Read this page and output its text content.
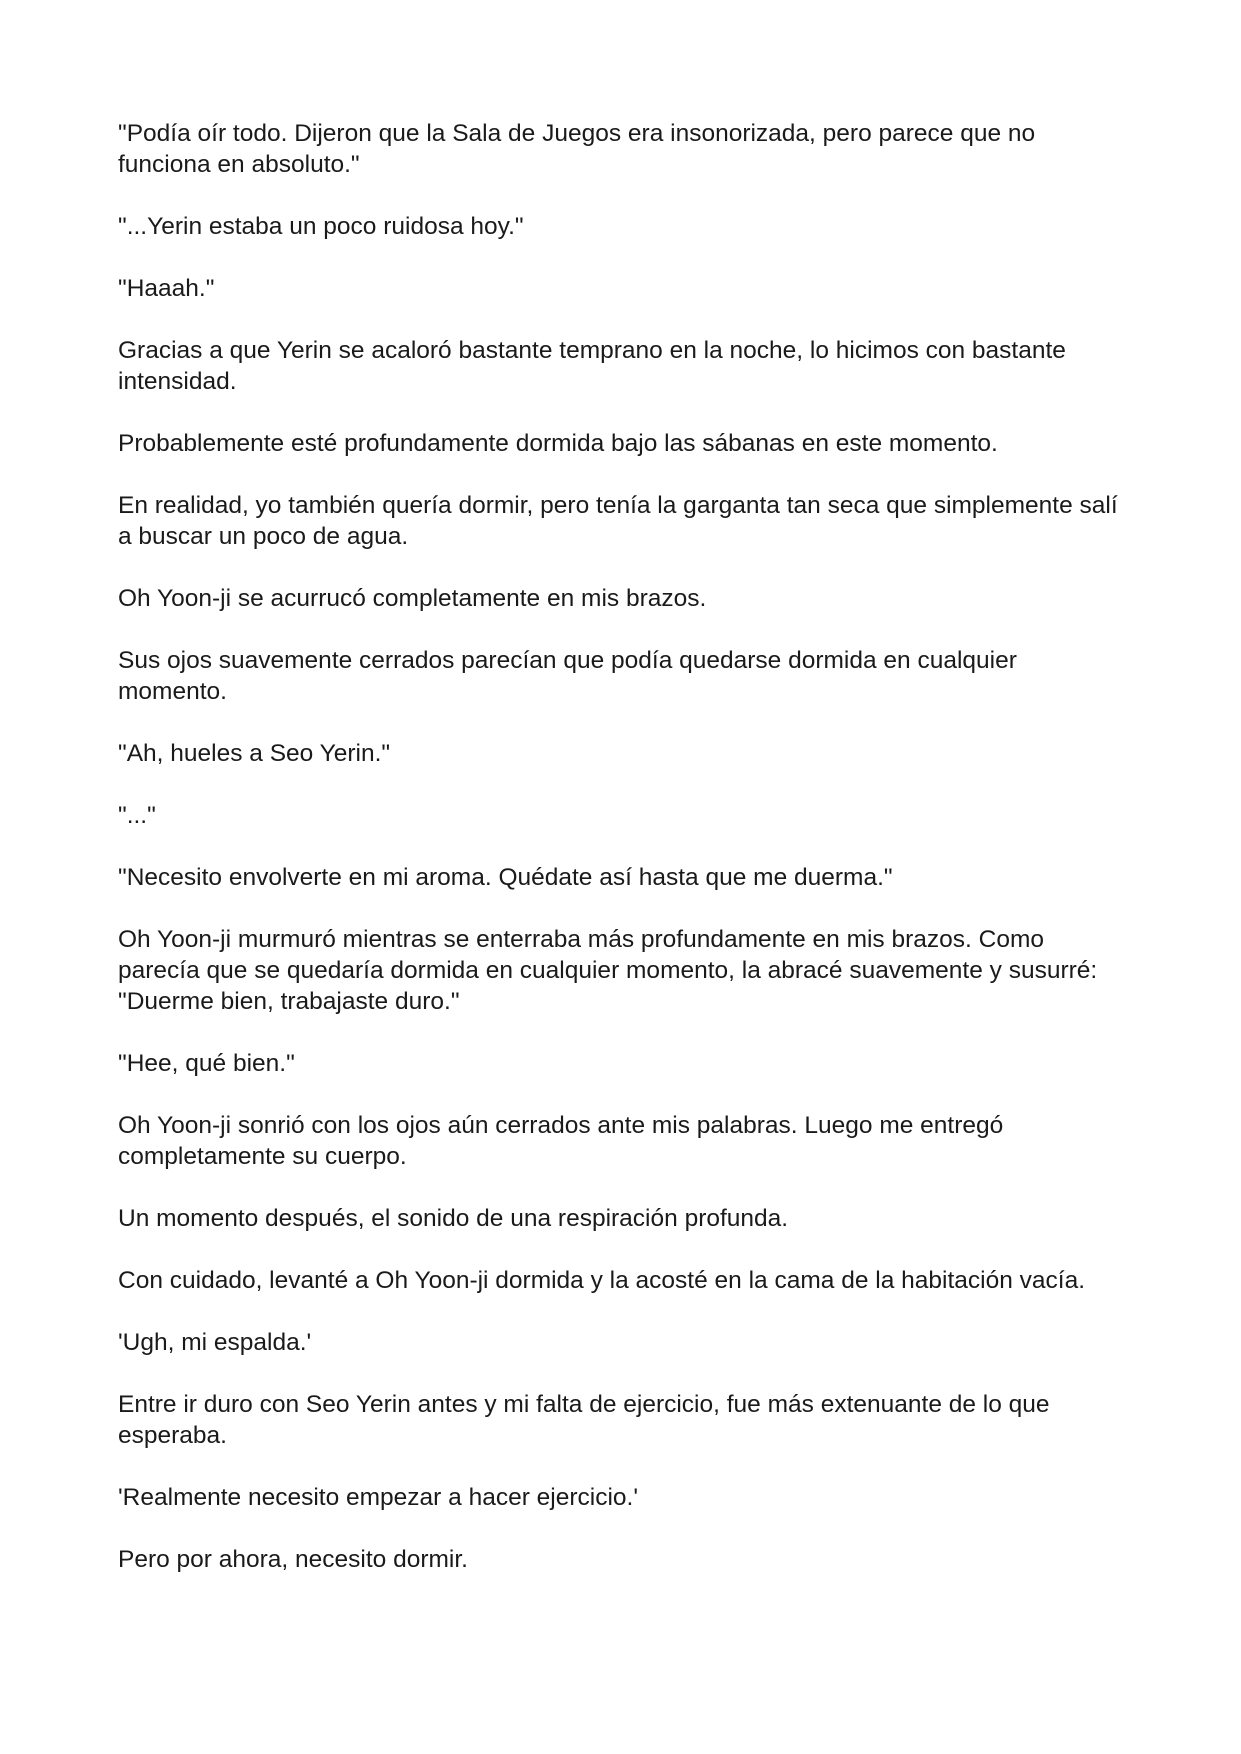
"Podía oír todo. Dijeron que la Sala de Juegos era insonorizada, pero parece que no funciona en absoluto."

"...Yerin estaba un poco ruidosa hoy."

"Haaah."

Gracias a que Yerin se acaloró bastante temprano en la noche, lo hicimos con bastante intensidad.

Probablemente esté profundamente dormida bajo las sábanas en este momento.

En realidad, yo también quería dormir, pero tenía la garganta tan seca que simplemente salí a buscar un poco de agua.

Oh Yoon-ji se acurrucó completamente en mis brazos.

Sus ojos suavemente cerrados parecían que podía quedarse dormida en cualquier momento.

"Ah, hueles a Seo Yerin."

"..."

"Necesito envolverte en mi aroma. Quédate así hasta que me duerma."

Oh Yoon-ji murmuró mientras se enterraba más profundamente en mis brazos. Como parecía que se quedaría dormida en cualquier momento, la abracé suavemente y susurré: "Duerme bien, trabajaste duro."

"Hee, qué bien."

Oh Yoon-ji sonrió con los ojos aún cerrados ante mis palabras. Luego me entregó completamente su cuerpo.

Un momento después, el sonido de una respiración profunda.

Con cuidado, levanté a Oh Yoon-ji dormida y la acosté en la cama de la habitación vacía.

'Ugh, mi espalda.'

Entre ir duro con Seo Yerin antes y mi falta de ejercicio, fue más extenuante de lo que esperaba.

'Realmente necesito empezar a hacer ejercicio.'

Pero por ahora, necesito dormir.
